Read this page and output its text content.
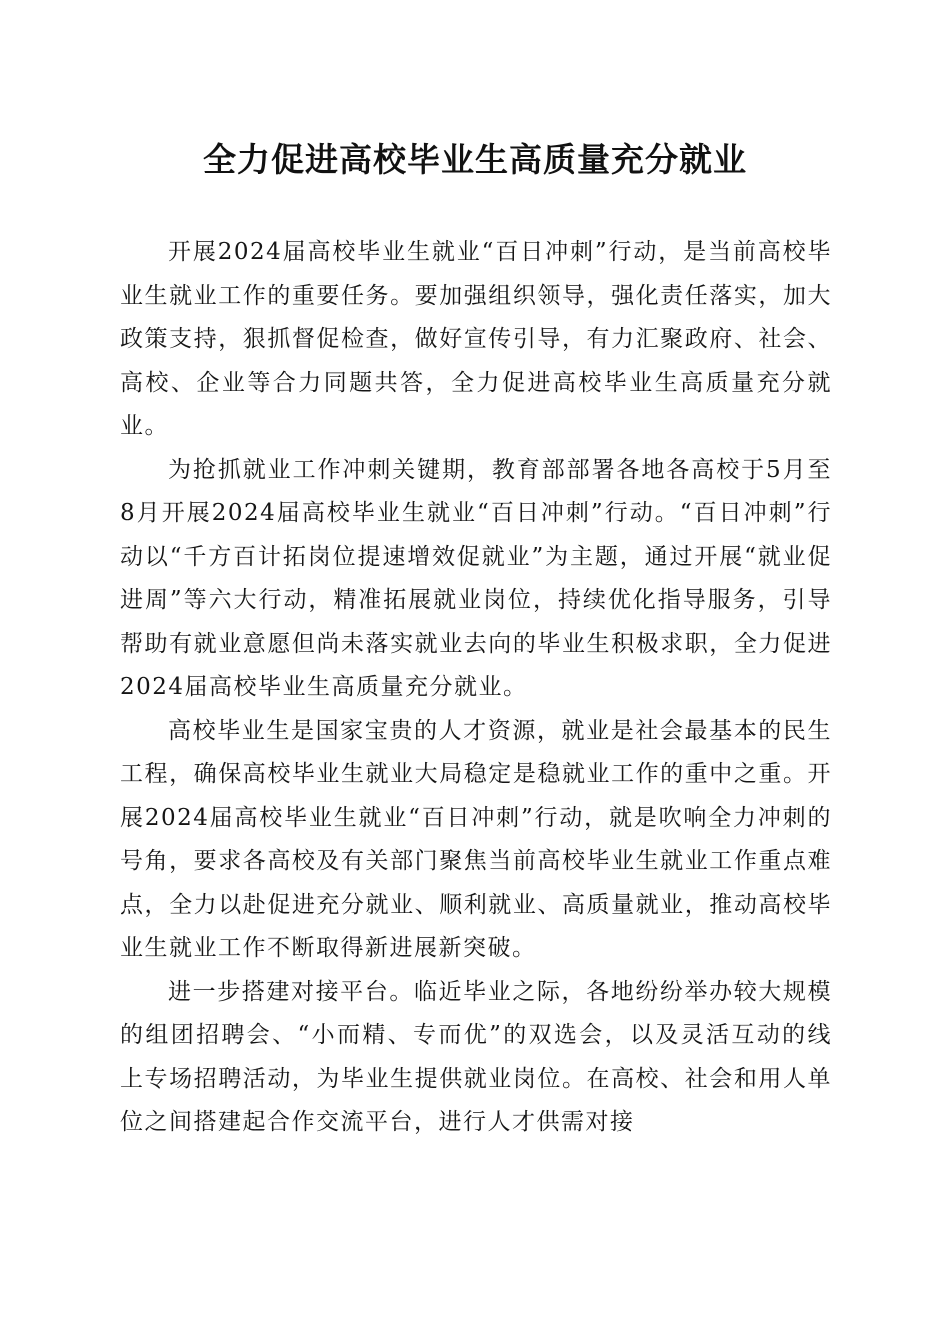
全力促进高校毕业生高质量充分就业

开展2024届高校毕业生就业“百日冲刺”行动，是当前高校毕业生就业工作的重要任务。要加强组织领导，强化责任落实，加大政策支持，狠抓督促检查，做好宣传引导，有力汇聚政府、社会、高校、企业等合力同题共答，全力促进高校毕业生高质量充分就业。

为抢抓就业工作冲刺关键期，教育部部署各地各高校于5月至8月开展2024届高校毕业生就业“百日冲刺”行动。“百日冲刺”行动以“千方百计拓岗位提速增效促就业”为主题，通过开展“就业促进周”等六大行动，精准拓展就业岗位，持续优化指导服务，引导帮助有就业意愿但尚未落实就业去向的毕业生积极求职，全力促进2024届高校毕业生高质量充分就业。

高校毕业生是国家宝贵的人才资源，就业是社会最基本的民生工程，确保高校毕业生就业大局稳定是稳就业工作的重中之重。开展2024届高校毕业生就业“百日冲刺”行动，就是吹响全力冲刺的号角，要求各高校及有关部门聚焦当前高校毕业生就业工作重点难点，全力以赴促进充分就业、顺利就业、高质量就业，推动高校毕业生就业工作不断取得新进展新突破。

进一步搭建对接平台。临近毕业之际，各地纷纷举办较大规模的组团招聘会、“小而精、专而优”的双选会，以及灵活互动的线上专场招聘活动，为毕业生提供就业岗位。在高校、社会和用人单位之间搭建起合作交流平台，进行人才供需对接
